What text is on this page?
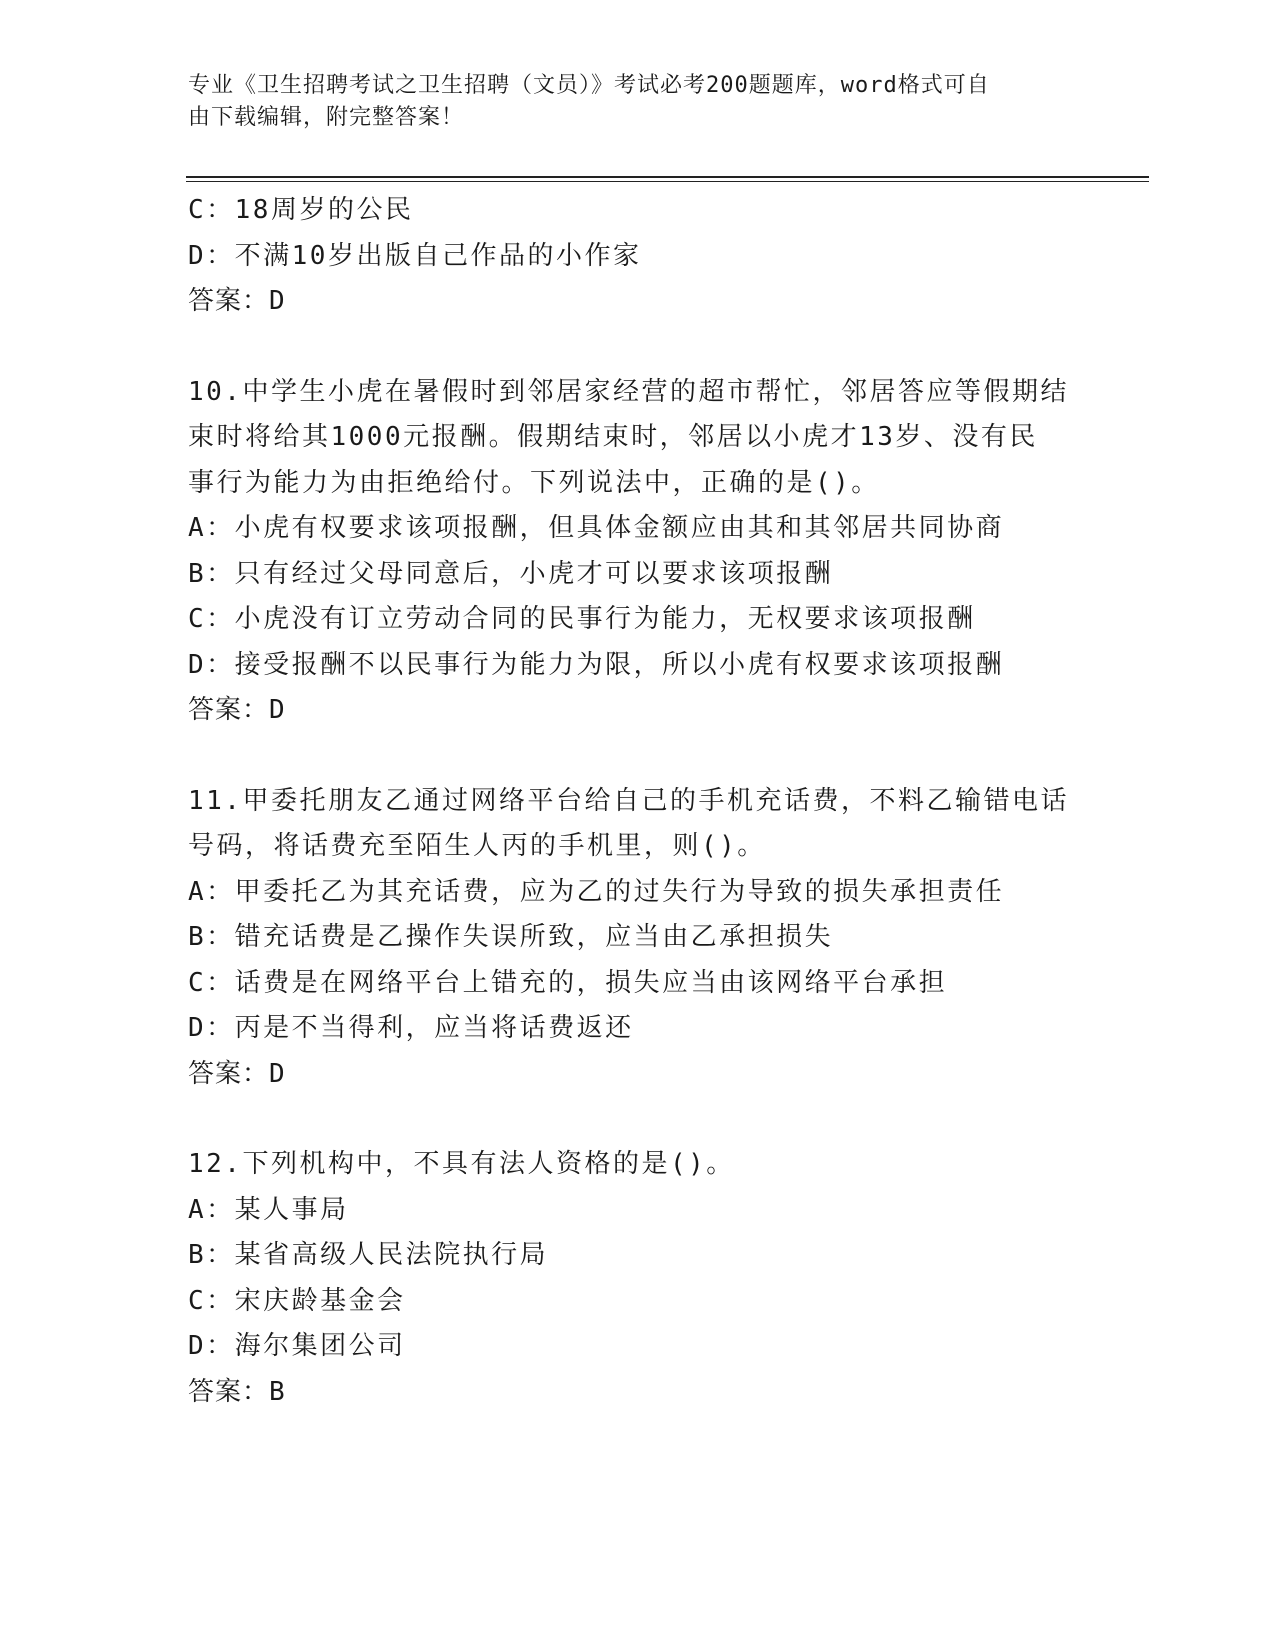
专业《卫生招聘考试之卫生招聘（文员）》考试必考200题题库，word格式可自
由下载编辑，附完整答案！
C：18周岁的公民
D：不满10岁出版自己作品的小作家
答案：D
10.中学生小虎在暑假时到邻居家经营的超市帮忙，邻居答应等假期结
束时将给其1000元报酬。假期结束时，邻居以小虎才13岁、没有民
事行为能力为由拒绝给付。下列说法中，正确的是()。
A：小虎有权要求该项报酬，但具体金额应由其和其邻居共同协商
B：只有经过父母同意后，小虎才可以要求该项报酬
C：小虎没有订立劳动合同的民事行为能力，无权要求该项报酬
D：接受报酬不以民事行为能力为限，所以小虎有权要求该项报酬
答案：D
11.甲委托朋友乙通过网络平台给自己的手机充话费，不料乙输错电话
号码，将话费充至陌生人丙的手机里，则()。
A：甲委托乙为其充话费，应为乙的过失行为导致的损失承担责任
B：错充话费是乙操作失误所致，应当由乙承担损失
C：话费是在网络平台上错充的，损失应当由该网络平台承担
D：丙是不当得利，应当将话费返还
答案：D
12.下列机构中，不具有法人资格的是()。
A：某人事局
B：某省高级人民法院执行局
C：宋庆龄基金会
D：海尔集团公司
答案：B
